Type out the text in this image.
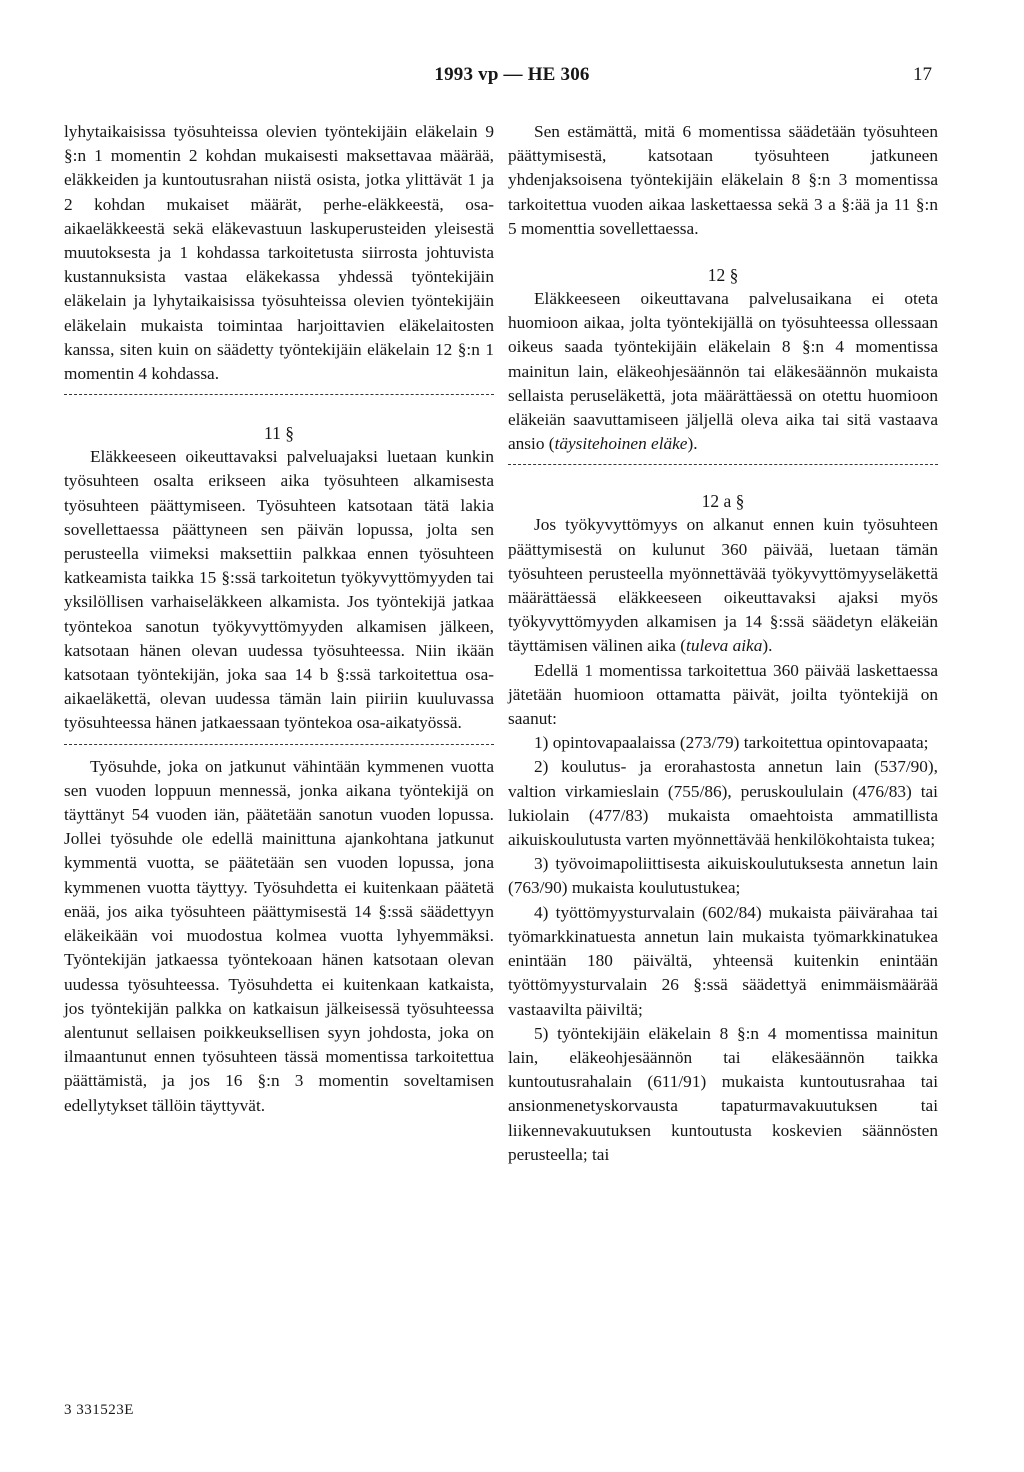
1993 vp — HE 306	17

lyhytaikaisissa työsuhteissa olevien työntekijäin eläkelain 9 §:n 1 momentin 2 kohdan mukaisesti maksettavaa määrää, eläkkeiden ja kuntoutusrahan niistä osista, jotka ylittävät 1 ja 2 kohdan mukaiset määrät, perhe-eläkkeestä, osa-aikaeläkkeestä sekä eläkevastuun laskuperusteiden yleisestä muutoksesta ja 1 kohdassa tarkoitetusta siirrosta johtuvista kustannuksista vastaa eläkekassa yhdessä työntekijäin eläkelain ja lyhytaikaisissa työsuhteissa olevien työntekijäin eläkelain mukaista toimintaa harjoittavien eläkelaitosten kanssa, siten kuin on säädetty työntekijäin eläkelain 12 §:n 1 momentin 4 kohdassa.

11 §

Eläkkeeseen oikeuttavaksi palveluajaksi luetaan kunkin työsuhteen osalta erikseen aika työsuhteen alkamisesta työsuhteen päättymiseen. Työsuhteen katsotaan tätä lakia sovellettaessa päättyneen sen päivän lopussa, jolta sen perusteella viimeksi maksettiin palkkaa ennen työsuhteen katkeamista taikka 15 §:ssä tarkoitetun työkyvyttömyyden tai yksilöllisen varhaiseläkkeen alkamista. Jos työntekijä jatkaa työntekoa sanotun työkyvyttömyyden alkamisen jälkeen, katsotaan hänen olevan uudessa työsuhteessa. Niin ikään katsotaan työntekijän, joka saa 14 b §:ssä tarkoitettua osa-aikaeläkettä, olevan uudessa tämän lain piiriin kuuluvassa työsuhteessa hänen jatkaessaan työntekoa osa-aikatyössä.

Työsuhde, joka on jatkunut vähintään kymmenen vuotta sen vuoden loppuun mennessä, jonka aikana työntekijä on täyttänyt 54 vuoden iän, päätetään sanotun vuoden lopussa. Jollei työsuhde ole edellä mainittuna ajankohtana jatkunut kymmentä vuotta, se päätetään sen vuoden lopussa, jona kymmenen vuotta täyttyy. Työsuhdetta ei kuitenkaan päätetä enää, jos aika työsuhteen päättymisestä 14 §:ssä säädettyyn eläkeikään voi muodostua kolmea vuotta lyhyemmäksi. Työntekijän jatkaessa työntekoaan hänen katsotaan olevan uudessa työsuhteessa. Työsuhdetta ei kuitenkaan katkaista, jos työntekijän palkka on katkaisun jälkeisessä työsuhteessa alentunut sellaisen poikkeuksellisen syyn johdosta, joka on ilmaantunut ennen työsuhteen tässä momentissa tarkoitettua päättämistä, ja jos 16 §:n 3 momentin soveltamisen edellytykset tällöin täyttyvät.

Sen estämättä, mitä 6 momentissa säädetään työsuhteen päättymisestä, katsotaan työsuhteen jatkuneen yhdenjaksoisena työntekijäin eläkelain 8 §:n 3 momentissa tarkoitettua vuoden aikaa laskettaessa sekä 3 a §:ää ja 11 §:n 5 momenttia sovellettaessa.

12 §

Eläkkeeseen oikeuttavana palvelusaikana ei oteta huomioon aikaa, jolta työntekijällä on työsuhteessa ollessaan oikeus saada työntekijäin eläkelain 8 §:n 4 momentissa mainitun lain, eläkeohjesäännön tai eläkesäännön mukaista sellaista peruseläkettä, jota määrättäessä on otettu huomioon eläkeiän saavuttamiseen jäljellä oleva aika tai sitä vastaava ansio (täysitehoinen eläke).

12 a §

Jos työkyvyttömyys on alkanut ennen kuin työsuhteen päättymisestä on kulunut 360 päivää, luetaan tämän työsuhteen perusteella myönnettävää työkyvyttömyyseläkettä määrättäessä eläkkeeseen oikeuttavaksi ajaksi myös työkyvyttömyyden alkamisen ja 14 §:ssä säädetyn eläkeiän täyttämisen välinen aika (tuleva aika).

Edellä 1 momentissa tarkoitettua 360 päivää laskettaessa jätetään huomioon ottamatta päivät, joilta työntekijä on saanut:

1) opintovapaalaissa (273/79) tarkoitettua opintovapaata;

2) koulutus- ja erorahastosta annetun lain (537/90), valtion virkamieslain (755/86), peruskoululain (476/83) tai lukiolain (477/83) mukaista omaehtoista ammatillista aikuiskoulutusta varten myönnettävää henkilökohtaista tukea;

3) työvoimapoliittisesta aikuiskoulutuksesta annetun lain (763/90) mukaista koulutustukea;

4) työttömyysturvalain (602/84) mukaista päivärahaa tai työmarkkinatuesta annetun lain mukaista työmarkkinatukea enintään 180 päivältä, yhteensä kuitenkin enintään työttömyysturvalain 26 §:ssä säädettyä enimmäismäärää vastaavilta päiviltä;

5) työntekijäin eläkelain 8 §:n 4 momentissa mainitun lain, eläkeohjesäännön tai eläkesäännön taikka kuntoutusrahalain (611/91) mukaista kuntoutusrahaa tai ansionmenetyskorvausta tapaturmavakuutuksen tai liikennevakuutuksen kuntoutusta koskevien säännösten perusteella; tai

3 331523E
